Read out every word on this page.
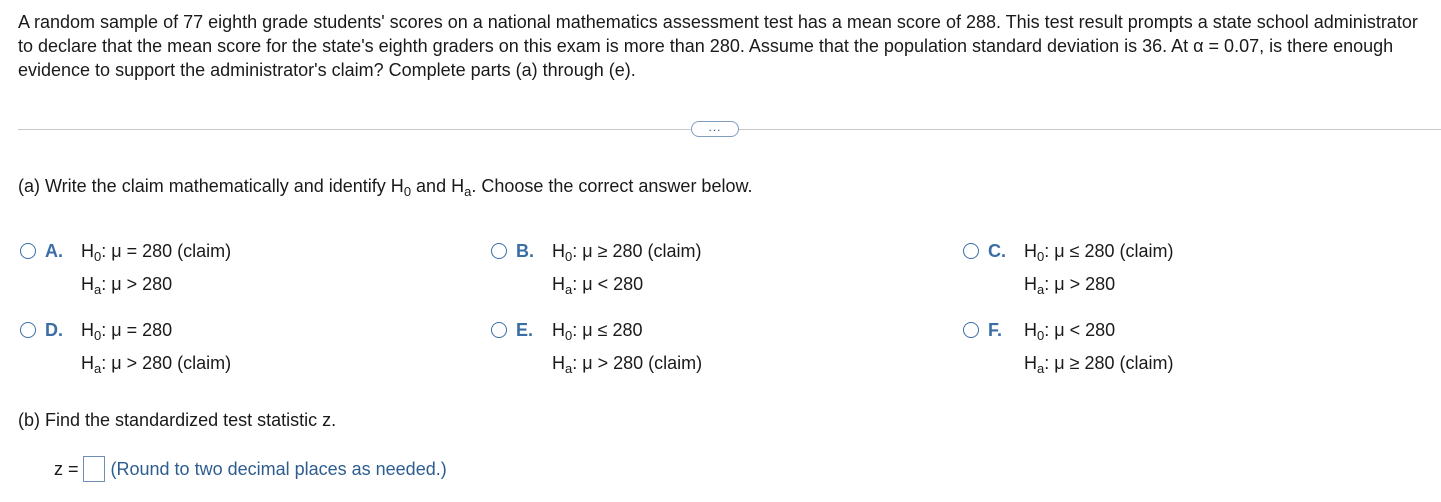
A random sample of 77 eighth grade students' scores on a national mathematics assessment test has a mean score of 288. This test result prompts a state school administrator to declare that the mean score for the state's eighth graders on this exam is more than 280. Assume that the population standard deviation is 36. At α = 0.07, is there enough evidence to support the administrator's claim? Complete parts (a) through (e).
...
(a) Write the claim mathematically and identify $H_0$ and $H_a$. Choose the correct answer below.
A.	$H_0$: μ = 280 (claim)
$H_a$: μ > 280
B.	$H_0$: μ ≥ 280 (claim)
$H_a$: μ < 280
C.	$H_0$: μ ≤ 280 (claim)
$H_a$: μ > 280
D.	$H_0$: μ = 280
$H_a$: μ > 280 (claim)
E.	$H_0$: μ ≤ 280
$H_a$: μ > 280 (claim)
F.	$H_0$: μ < 280
$H_a$: μ ≥ 280 (claim)
(b) Find the standardized test statistic z.
z = (Round to two decimal places as needed.)
